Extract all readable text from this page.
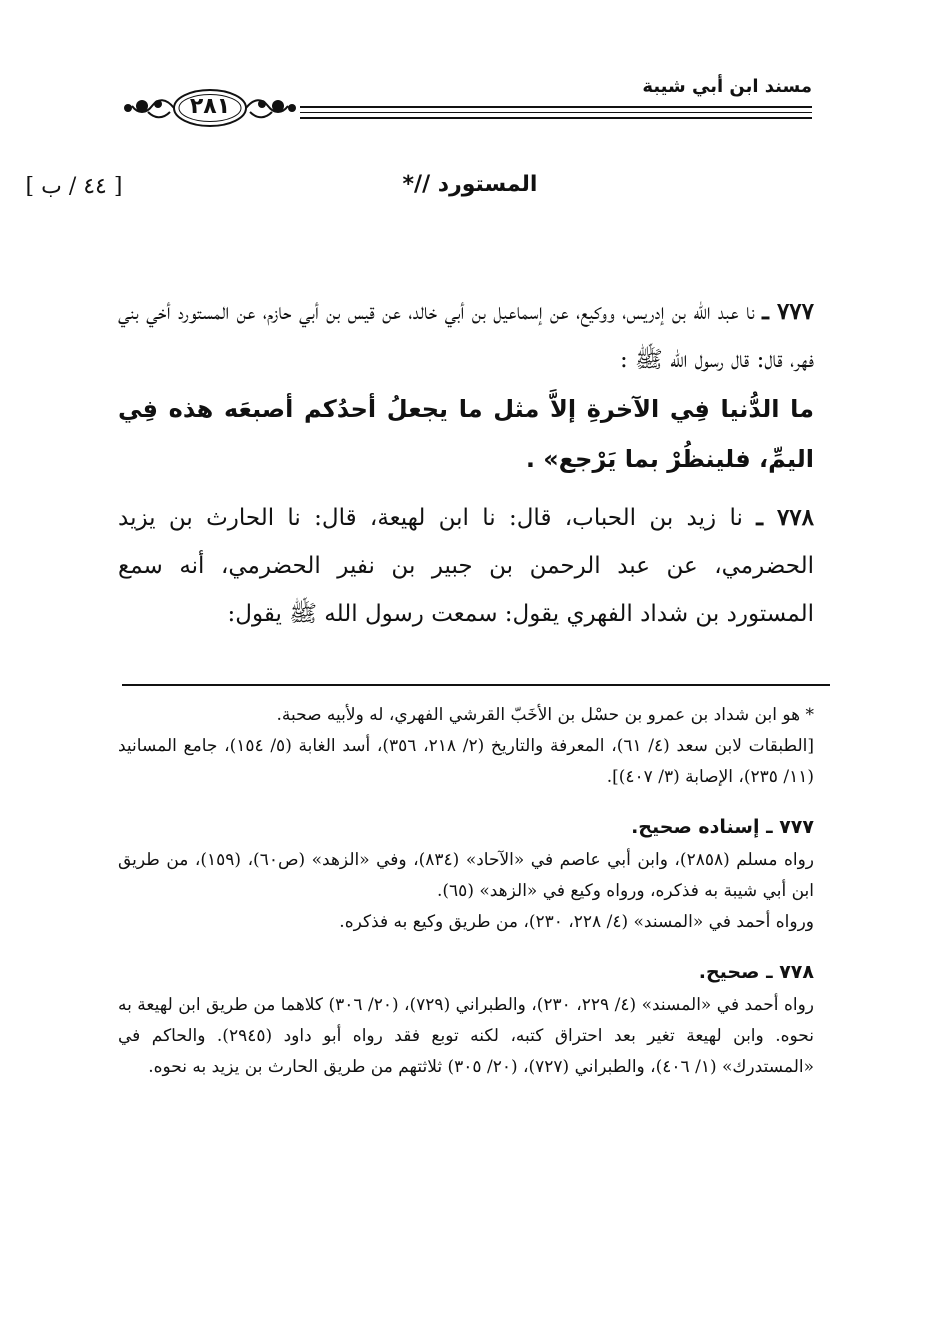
مسند ابن أبي شيبة
٢٨١
المستورد //*
[ ٤٤ / ب ]

٧٧٧ ـ نا عبد الله بن إدريس، ووكيع، عن إسماعيل بن أبي خالد، عن قيس بن أبي حازم، عن المستورد أخي بني فهر، قال: قال رسول الله ﷺ :
ما الدُّنيا فِي الآخرةِ إلاَّ مثل ما يجعلُ أحدُكم أصبعَه هذه فِي اليمِّ، فلينظُرْ بما يَرْجع» .

٧٧٨ ـ نا زيد بن الحباب، قال: نا ابن لهيعة، قال: نا الحارث بن يزيد الحضرمي، عن عبد الرحمن بن جبير بن نفير الحضرمي، أنه سمع المستورد بن شداد الفهري يقول: سمعت رسول الله ﷺ يقول:

* هو ابن شداد بن عمرو بن حسْل بن الأخَبّ القرشي الفهري، له ولأبيه صحبة.

[الطبقات لابن سعد (٤/ ٦١)، المعرفة والتاريخ (٢/ ٢١٨، ٣٥٦)، أسد الغابة (٥/ ١٥٤)، جامع المسانيد (١١/ ٢٣٥)، الإصابة (٣/ ٤٠٧)].

٧٧٧ ـ إسناده صحيح.

رواه مسلم (٢٨٥٨)، وابن أبي عاصم في «الآحاد» (٨٣٤)، وفي «الزهد» (ص٦٠)، (١٥٩)، من طريق ابن أبي شيبة به فذكره، ورواه وكيع في «الزهد» (٦٥).

ورواه أحمد في «المسند» (٤/ ٢٢٨، ٢٣٠)، من طريق وكيع به فذكره.

٧٧٨ ـ صحيح.

رواه أحمد في «المسند» (٤/ ٢٢٩، ٢٣٠)، والطبراني (٧٢٩)، (٢٠/ ٣٠٦) كلاهما من طريق ابن لهيعة به نحوه. وابن لهيعة تغير بعد احتراق كتبه، لكنه توبع فقد رواه أبو داود (٢٩٤٥). والحاكم في «المستدرك» (١/ ٤٠٦)، والطبراني (٧٢٧)، (٢٠/ ٣٠٥) ثلاثتهم من طريق الحارث بن يزيد به نحوه.
